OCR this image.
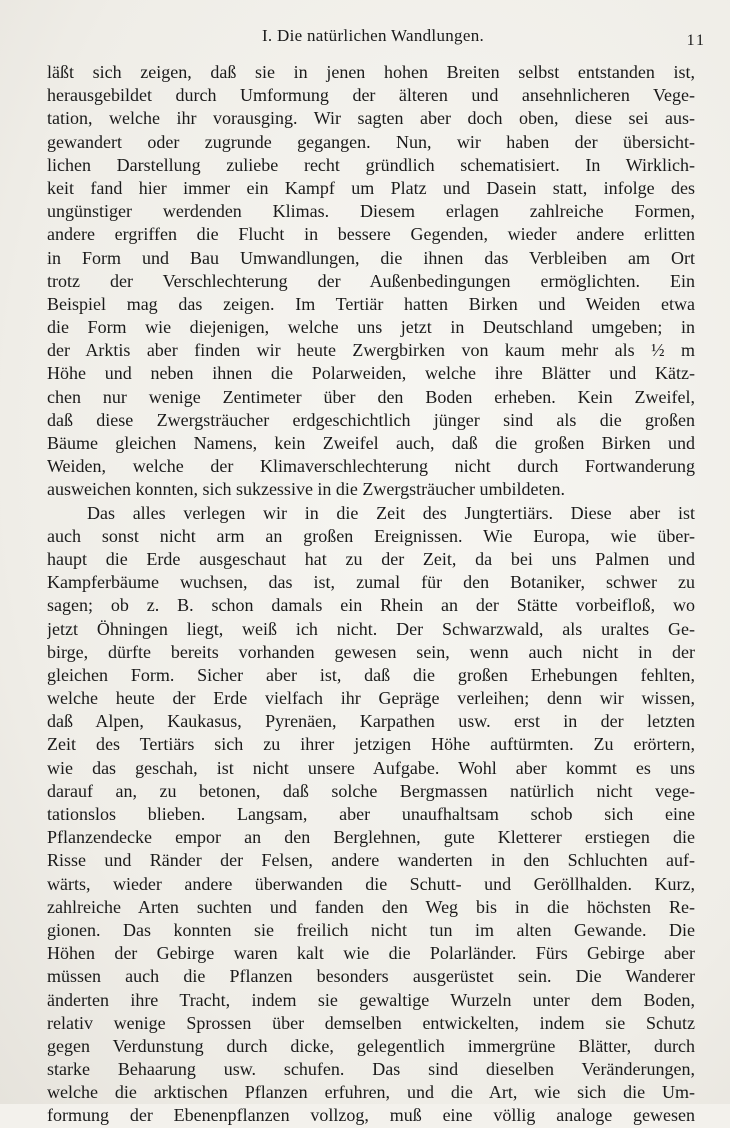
I. Die natürlichen Wandlungen.	11
läßt sich zeigen, daß sie in jenen hohen Breiten selbst entstanden ist,
herausgebildet durch Umformung der älteren und ansehnlicheren Vege-
tation, welche ihr vorausging. Wir sagten aber doch oben, diese sei aus-
gewandert oder zugrunde gegangen. Nun, wir haben der übersicht-
lichen Darstellung zuliebe recht gründlich schematisiert. In Wirklich-
keit fand hier immer ein Kampf um Platz und Dasein statt, infolge des
ungünstiger werdenden Klimas. Diesem erlagen zahlreiche Formen,
andere ergriffen die Flucht in bessere Gegenden, wieder andere erlitten
in Form und Bau Umwandlungen, die ihnen das Verbleiben am Ort
trotz der Verschlechterung der Außenbedingungen ermöglichten. Ein
Beispiel mag das zeigen. Im Tertiär hatten Birken und Weiden etwa
die Form wie diejenigen, welche uns jetzt in Deutschland umgeben; in
der Arktis aber finden wir heute Zwergbirken von kaum mehr als ½ m
Höhe und neben ihnen die Polarweiden, welche ihre Blätter und Kätz-
chen nur wenige Zentimeter über den Boden erheben. Kein Zweifel,
daß diese Zwergsträucher erdgeschichtlich jünger sind als die großen
Bäume gleichen Namens, kein Zweifel auch, daß die großen Birken und
Weiden, welche der Klimaverschlechterung nicht durch Fortwanderung
ausweichen konnten, sich sukzessive in die Zwergsträucher umbildeten.
Das alles verlegen wir in die Zeit des Jungtertiärs. Diese aber ist
auch sonst nicht arm an großen Ereignissen. Wie Europa, wie über-
haupt die Erde ausgeschaut hat zu der Zeit, da bei uns Palmen und
Kampferbäume wuchsen, das ist, zumal für den Botaniker, schwer zu
sagen; ob z. B. schon damals ein Rhein an der Stätte vorbeifloß, wo
jetzt Öhningen liegt, weiß ich nicht. Der Schwarzwald, als uraltes Ge-
birge, dürfte bereits vorhanden gewesen sein, wenn auch nicht in der
gleichen Form. Sicher aber ist, daß die großen Erhebungen fehlten,
welche heute der Erde vielfach ihr Gepräge verleihen; denn wir wissen,
daß Alpen, Kaukasus, Pyrenäen, Karpathen usw. erst in der letzten
Zeit des Tertiärs sich zu ihrer jetzigen Höhe auftürmten. Zu erörtern,
wie das geschah, ist nicht unsere Aufgabe. Wohl aber kommt es uns
darauf an, zu betonen, daß solche Bergmassen natürlich nicht vege-
tationslos blieben. Langsam, aber unaufhaltsam schob sich eine
Pflanzendecke empor an den Berglehnen, gute Kletterer erstiegen die
Risse und Ränder der Felsen, andere wanderten in den Schluchten auf-
wärts, wieder andere überwanden die Schutt- und Geröllhalden. Kurz,
zahlreiche Arten suchten und fanden den Weg bis in die höchsten Re-
gionen. Das konnten sie freilich nicht tun im alten Gewande. Die
Höhen der Gebirge waren kalt wie die Polarländer. Fürs Gebirge aber
müssen auch die Pflanzen besonders ausgerüstet sein. Die Wanderer
änderten ihre Tracht, indem sie gewaltige Wurzeln unter dem Boden,
relativ wenige Sprossen über demselben entwickelten, indem sie Schutz
gegen Verdunstung durch dicke, gelegentlich immergrüne Blätter, durch
starke Behaarung usw. schufen. Das sind dieselben Veränderungen,
welche die arktischen Pflanzen erfuhren, und die Art, wie sich die Um-
formung der Ebenenpflanzen vollzog, muß eine völlig analoge gewesen
